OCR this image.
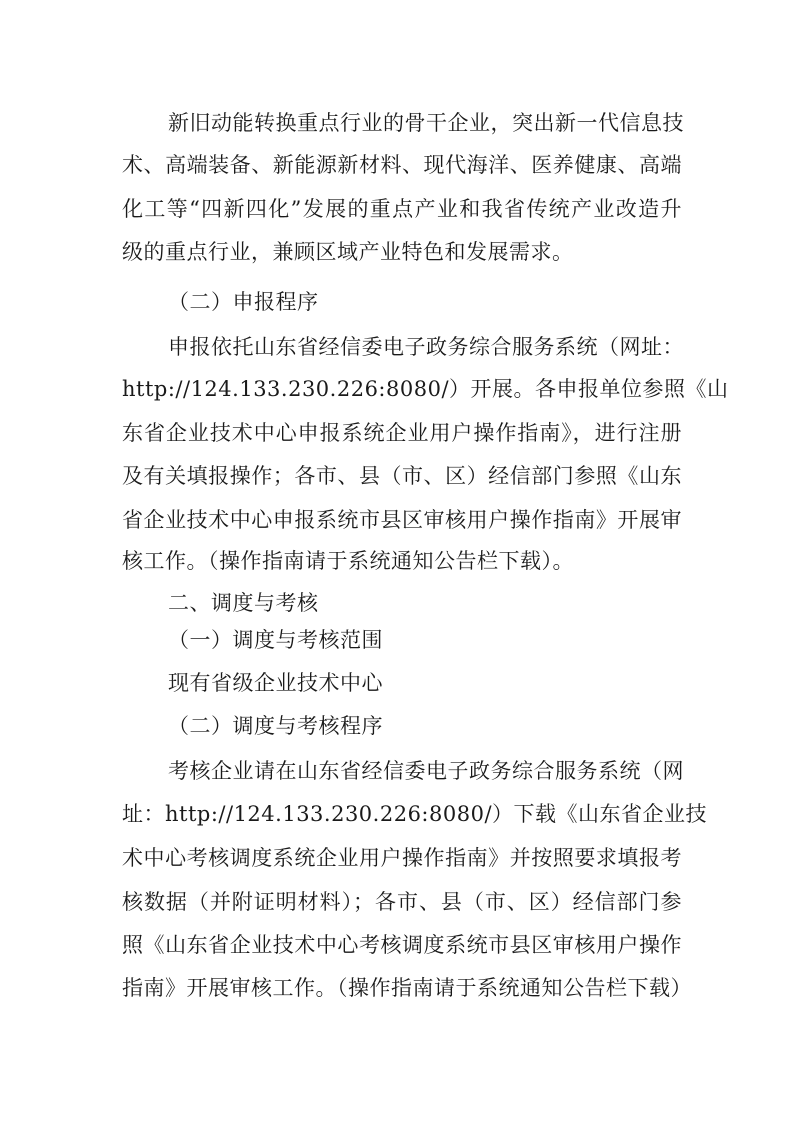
新旧动能转换重点行业的骨干企业，突出新一代信息技
术、高端装备、新能源新材料、现代海洋、医养健康、高端
化工等“四新四化”发展的重点产业和我省传统产业改造升
级的重点行业，兼顾区域产业特色和发展需求。
（二）申报程序
申报依托山东省经信委电子政务综合服务系统（网址：
http://124.133.230.226:8080/）开展。各申报单位参照《山
东省企业技术中心申报系统企业用户操作指南》，进行注册
及有关填报操作；各市、县（市、区）经信部门参照《山东
省企业技术中心申报系统市县区审核用户操作指南》开展审
核工作。（操作指南请于系统通知公告栏下载）。
二、调度与考核
（一）调度与考核范围
现有省级企业技术中心
（二）调度与考核程序
考核企业请在山东省经信委电子政务综合服务系统（网
址：http://124.133.230.226:8080/）下载《山东省企业技
术中心考核调度系统企业用户操作指南》并按照要求填报考
核数据（并附证明材料）；各市、县（市、区）经信部门参
照《山东省企业技术中心考核调度系统市县区审核用户操作
指南》开展审核工作。（操作指南请于系统通知公告栏下载）
